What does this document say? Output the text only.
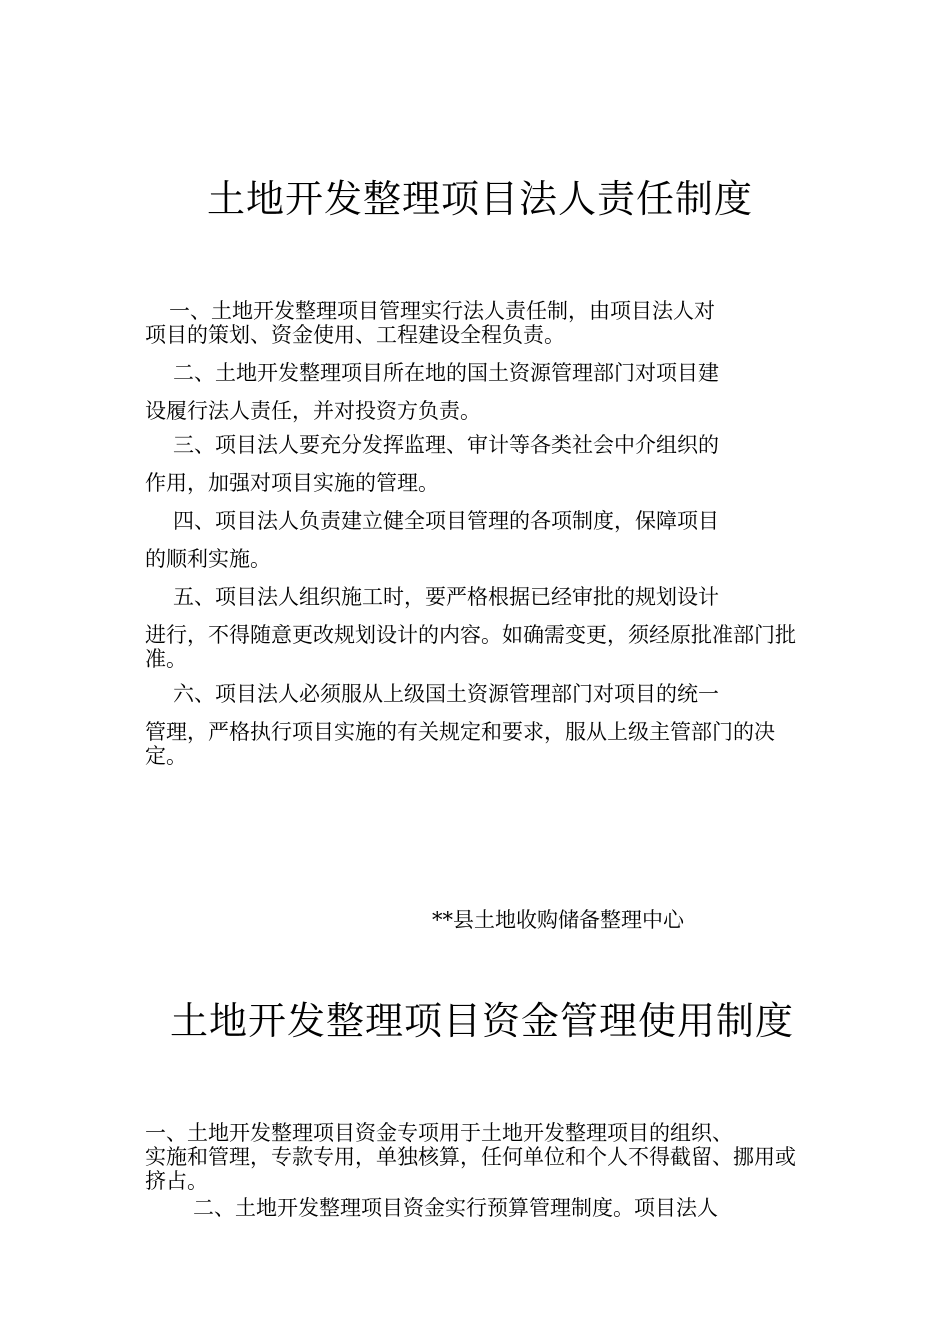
土地开发整理项目法人责任制度

一、土地开发整理项目管理实行法人责任制，由项目法人对
项目的策划、资金使用、工程建设全程负责。

二、土地开发整理项目所在地的国土资源管理部门对项目建
设履行法人责任，并对投资方负责。

三、项目法人要充分发挥监理、审计等各类社会中介组织的
作用，加强对项目实施的管理。

四、项目法人负责建立健全项目管理的各项制度，保障项目
的顺利实施。

五、项目法人组织施工时，要严格根据已经审批的规划设计
进行，不得随意更改规划设计的内容。如确需变更，须经原批准部门批准。

六、项目法人必须服从上级国土资源管理部门对项目的统一
管理，严格执行项目实施的有关规定和要求，服从上级主管部门的决定。

**县土地收购储备整理中心
土地开发整理项目资金管理使用制度

一、土地开发整理项目资金专项用于土地开发整理项目的组织、
实施和管理，专款专用，单独核算，任何单位和个人不得截留、挪用或挤占。

二、土地开发整理项目资金实行预算管理制度。项目法人
